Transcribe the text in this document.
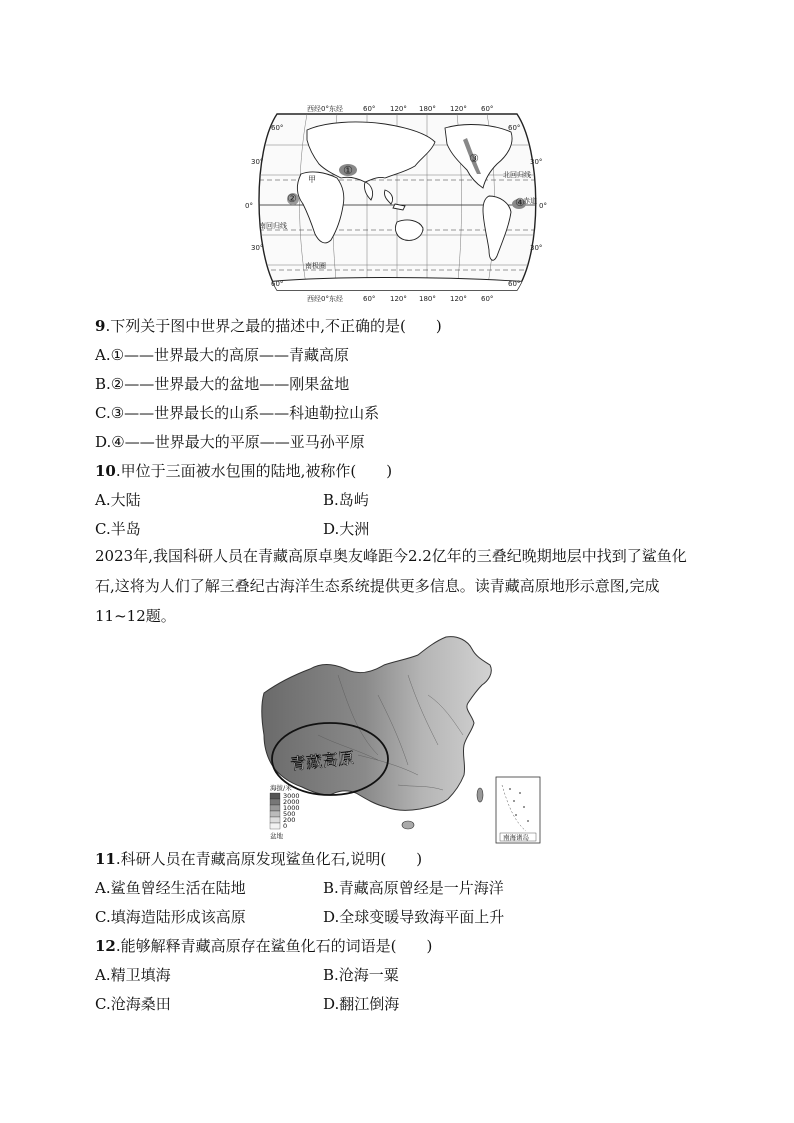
①
②
③
④
甲	北回归线
南回归线
南极圈
赤道
西经0°东经	60° 120° 180° 120° 60°
西经0°东经	60° 120° 180° 120° 60°
60°
30°
0°
30°
60°
60°
30°
0°
30°
60°
9.下列关于图中世界之最的描述中,不正确的是(　　)
A.①——世界最大的高原——青藏高原
B.②——世界最大的盆地——刚果盆地
C.③——世界最长的山系——科迪勒拉山系
D.④——世界最大的平原——亚马孙平原
10.甲位于三面被水包围的陆地,被称作(　　)
A.大陆	B.岛屿
C.半岛	D.大洲
2023年,我国科研人员在青藏高原卓奥友峰距今2.2亿年的三叠纪晚期地层中找到了鲨鱼化石,这将为人们了解三叠纪古海洋生态系统提供更多信息。读青藏高原地形示意图,完成11~12题。
青藏高原
海拔/米
3000
2000
1000
500
200
0
盆地	南海诸岛
11.科研人员在青藏高原发现鲨鱼化石,说明(　　)
A.鲨鱼曾经生活在陆地	B.青藏高原曾经是一片海洋
C.填海造陆形成该高原	D.全球变暖导致海平面上升
12.能够解释青藏高原存在鲨鱼化石的词语是(　　)
A.精卫填海	B.沧海一粟
C.沧海桑田	D.翻江倒海
